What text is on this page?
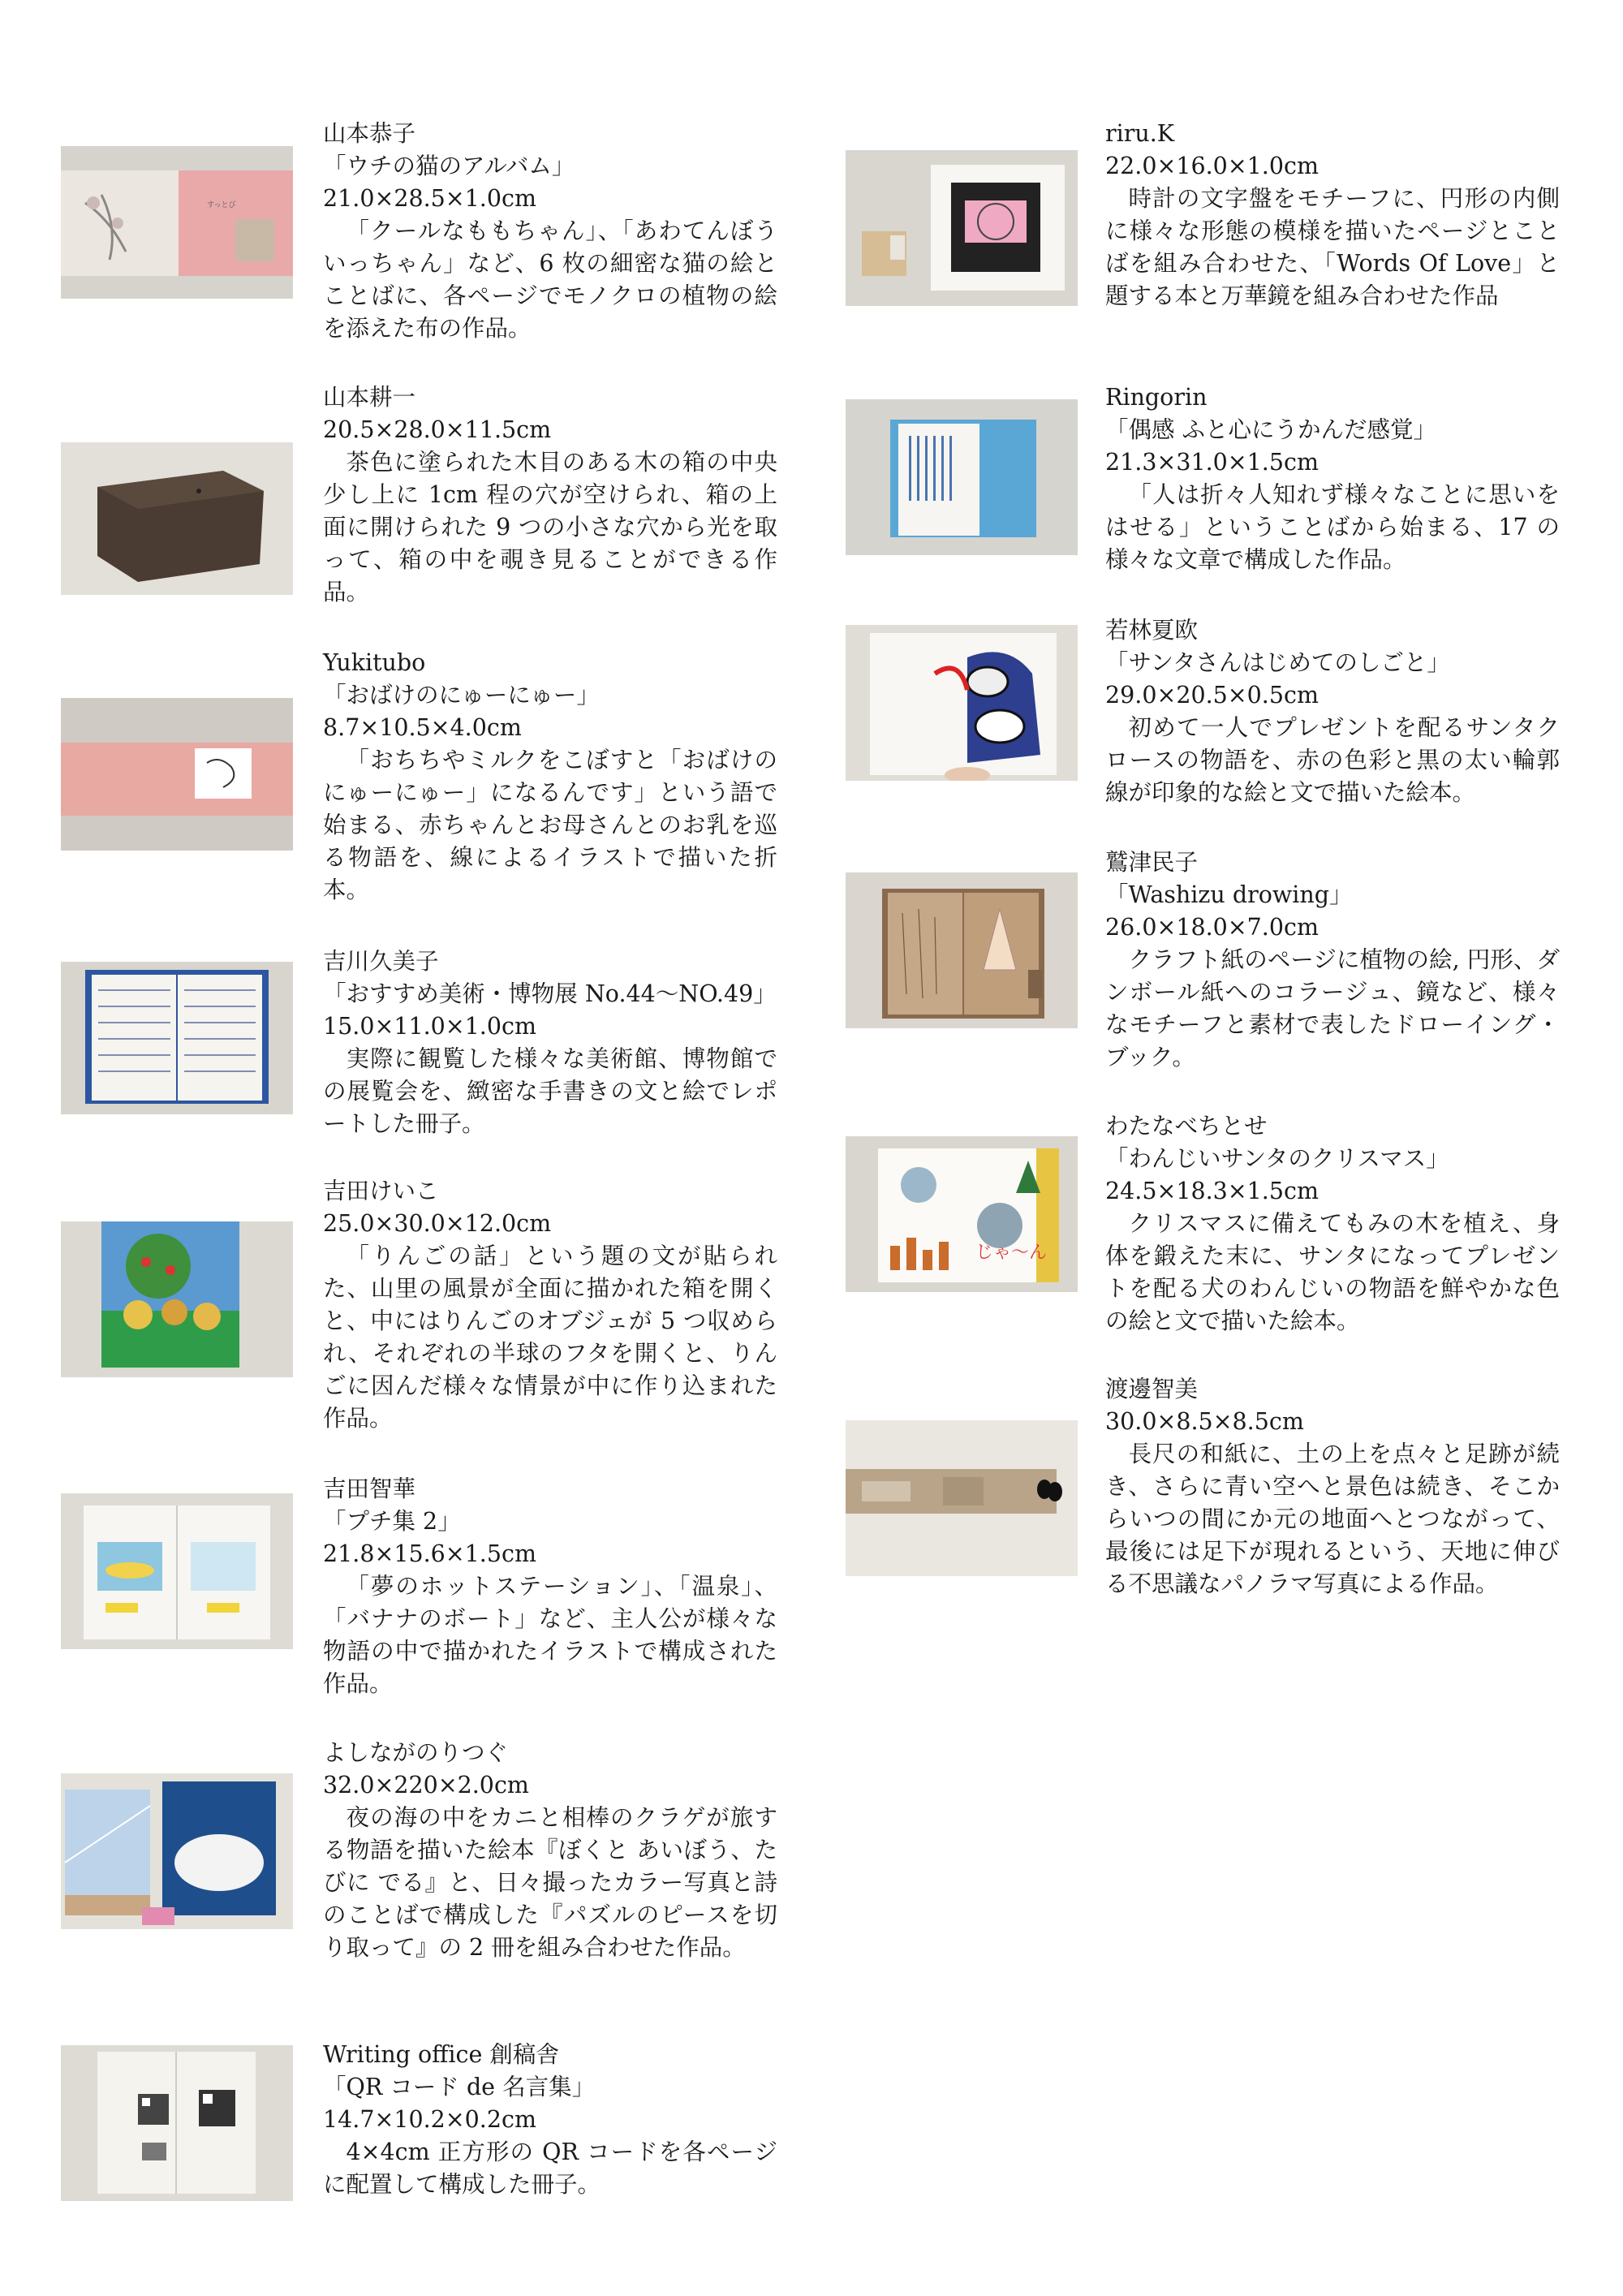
すっとび
山本恭子
「ウチの猫のアルバム」
21.0×28.5×1.0cm
「クールなももちゃん」、「あわてんぼういっちゃん」など、6 枚の細密な猫の絵とことばに、各ページでモノクロの植物の絵を添えた布の作品。
山本耕一
20.5×28.0×11.5cm
茶色に塗られた木目のある木の箱の中央少し上に 1cm 程の穴が空けられ、箱の上面に開けられた 9 つの小さな穴から光を取って、箱の中を覗き見ることができる作品。
Yukitubo
「おばけのにゅーにゅー」
8.7×10.5×4.0cm
「おちちやミルクをこぼすと「おばけのにゅーにゅー」になるんです」という語で始まる、赤ちゃんとお母さんとのお乳を巡る物語を、線によるイラストで描いた折本。
吉川久美子
「おすすめ美術・博物展 No.44〜NO.49」
15.0×11.0×1.0cm
実際に観覧した様々な美術館、博物館での展覧会を、緻密な手書きの文と絵でレポートした冊子。
吉田けいこ
25.0×30.0×12.0cm
「りんごの話」という題の文が貼られた、山里の風景が全面に描かれた箱を開くと、中にはりんごのオブジェが 5 つ収められ、それぞれの半球のフタを開くと、りんごに因んだ様々な情景が中に作り込まれた作品。
吉田智華
「プチ集 2」
21.8×15.6×1.5cm
「夢のホットステーション」、「温泉」、「バナナのボート」など、主人公が様々な物語の中で描かれたイラストで構成された作品。
よしながのりつぐ
32.0×220×2.0cm
夜の海の中をカニと相棒のクラゲが旅する物語を描いた絵本『ぼくと あいぼう、たびに でる』と、日々撮ったカラー写真と詩のことばで構成した『パズルのピースを切り取って』の 2 冊を組み合わせた作品。
Writing office 創稿舎
「QR コード de 名言集」
14.7×10.2×0.2cm
4×4cm 正方形の QR コードを各ページに配置して構成した冊子。
riru.K
22.0×16.0×1.0cm
時計の文字盤をモチーフに、円形の内側に様々な形態の模様を描いたページとことばを組み合わせた、「Words Of Love」と題する本と万華鏡を組み合わせた作品
Ringorin
「偶感 ふと心にうかんだ感覚」
21.3×31.0×1.5cm
「人は折々人知れず様々なことに思いをはせる」ということばから始まる、17 の様々な文章で構成した作品。
若林夏欧
「サンタさんはじめてのしごと」
29.0×20.5×0.5cm
初めて一人でプレゼントを配るサンタクロースの物語を、赤の色彩と黒の太い輪郭線が印象的な絵と文で描いた絵本。
鷲津民子
「Washizu drowing」
26.0×18.0×7.0cm
クラフト紙のページに植物の絵, 円形、ダンボール紙へのコラージュ、鏡など、様々なモチーフと素材で表したドローイング・ブック。
じゃ〜ん
わたなべちとせ
「わんじいサンタのクリスマス」
24.5×18.3×1.5cm
クリスマスに備えてもみの木を植え、身体を鍛えた末に、サンタになってプレゼントを配る犬のわんじいの物語を鮮やかな色の絵と文で描いた絵本。
渡邊智美
30.0×8.5×8.5cm
長尺の和紙に、土の上を点々と足跡が続き、さらに青い空へと景色は続き、そこからいつの間にか元の地面へとつながって、最後には足下が現れるという、天地に伸びる不思議なパノラマ写真による作品。
